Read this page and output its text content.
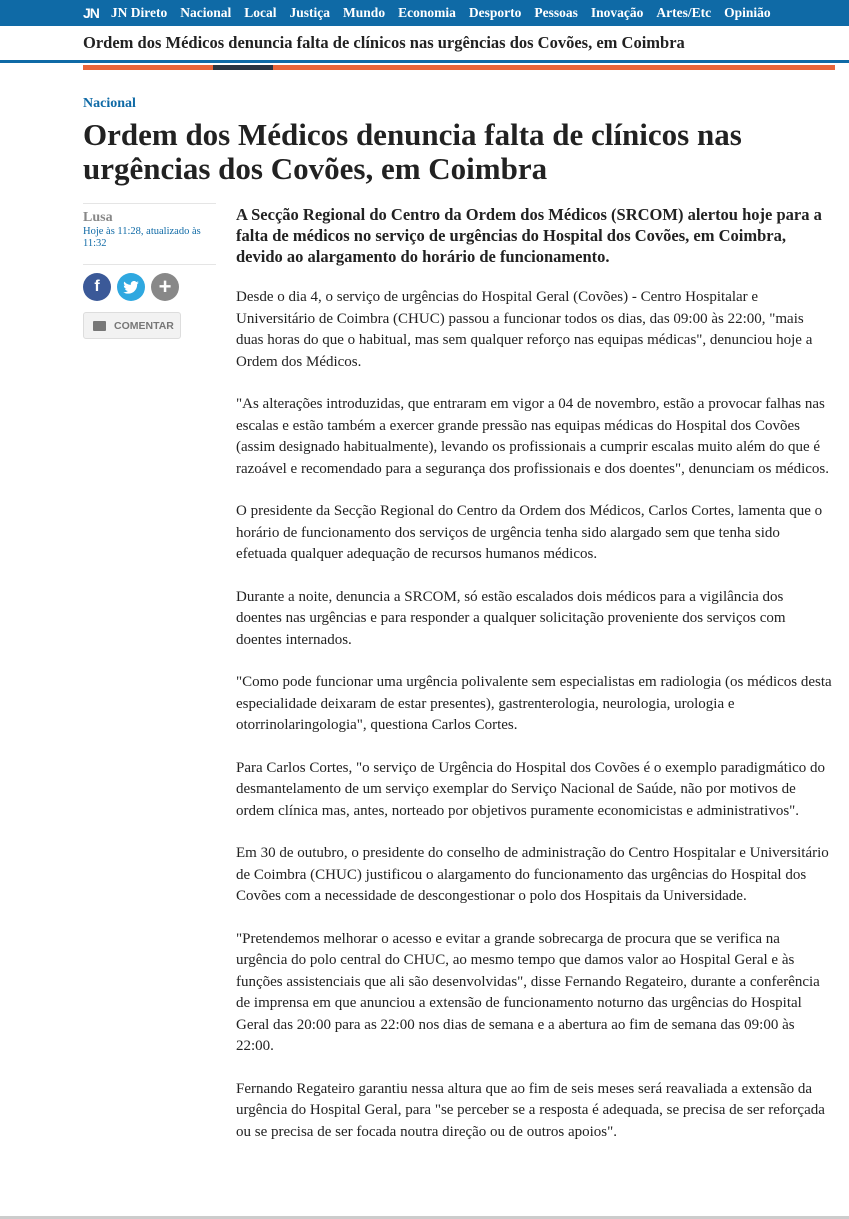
JN JN Direto Nacional Local Justiça Mundo Economia Desporto Pessoas Inovação Artes/Etc Opinião
Ordem dos Médicos denuncia falta de clínicos nas urgências dos Covões, em Coimbra
Nacional
Ordem dos Médicos denuncia falta de clínicos nas urgências dos Covões, em Coimbra
Lusa
Hoje às 11:28, atualizado às 11:32
f	+
COMENTAR
A Secção Regional do Centro da Ordem dos Médicos (SRCOM) alertou hoje para a falta de médicos no serviço de urgências do Hospital dos Covões, em Coimbra, devido ao alargamento do horário de funcionamento.

Desde o dia 4, o serviço de urgências do Hospital Geral (Covões) - Centro Hospitalar e Universitário de Coimbra (CHUC) passou a funcionar todos os dias, das 09:00 às 22:00, "mais duas horas do que o habitual, mas sem qualquer reforço nas equipas médicas", denunciou hoje a Ordem dos Médicos.

"As alterações introduzidas, que entraram em vigor a 04 de novembro, estão a provocar falhas nas escalas e estão também a exercer grande pressão nas equipas médicas do Hospital dos Covões (assim designado habitualmente), levando os profissionais a cumprir escalas muito além do que é razoável e recomendado para a segurança dos profissionais e dos doentes", denunciam os médicos.

O presidente da Secção Regional do Centro da Ordem dos Médicos, Carlos Cortes, lamenta que o horário de funcionamento dos serviços de urgência tenha sido alargado sem que tenha sido efetuada qualquer adequação de recursos humanos médicos.

Durante a noite, denuncia a SRCOM, só estão escalados dois médicos para a vigilância dos doentes nas urgências e para responder a qualquer solicitação proveniente dos serviços com doentes internados.

"Como pode funcionar uma urgência polivalente sem especialistas em radiologia (os médicos desta especialidade deixaram de estar presentes), gastrenterologia, neurologia, urologia e otorrinolaringologia", questiona Carlos Cortes.

Para Carlos Cortes, "o serviço de Urgência do Hospital dos Covões é o exemplo paradigmático do desmantelamento de um serviço exemplar do Serviço Nacional de Saúde, não por motivos de ordem clínica mas, antes, norteado por objetivos puramente economicistas e administrativos".

Em 30 de outubro, o presidente do conselho de administração do Centro Hospitalar e Universitário de Coimbra (CHUC) justificou o alargamento do funcionamento das urgências do Hospital dos Covões com a necessidade de descongestionar o polo dos Hospitais da Universidade.

"Pretendemos melhorar o acesso e evitar a grande sobrecarga de procura que se verifica na urgência do polo central do CHUC, ao mesmo tempo que damos valor ao Hospital Geral e às funções assistenciais que ali são desenvolvidas", disse Fernando Regateiro, durante a conferência de imprensa em que anunciou a extensão de funcionamento noturno das urgências do Hospital Geral das 20:00 para as 22:00 nos dias de semana e a abertura ao fim de semana das 09:00 às 22:00.

Fernando Regateiro garantiu nessa altura que ao fim de seis meses será reavaliada a extensão da urgência do Hospital Geral, para "se perceber se a resposta é adequada, se precisa de ser reforçada ou se precisa de ser focada noutra direção ou de outros apoios".
